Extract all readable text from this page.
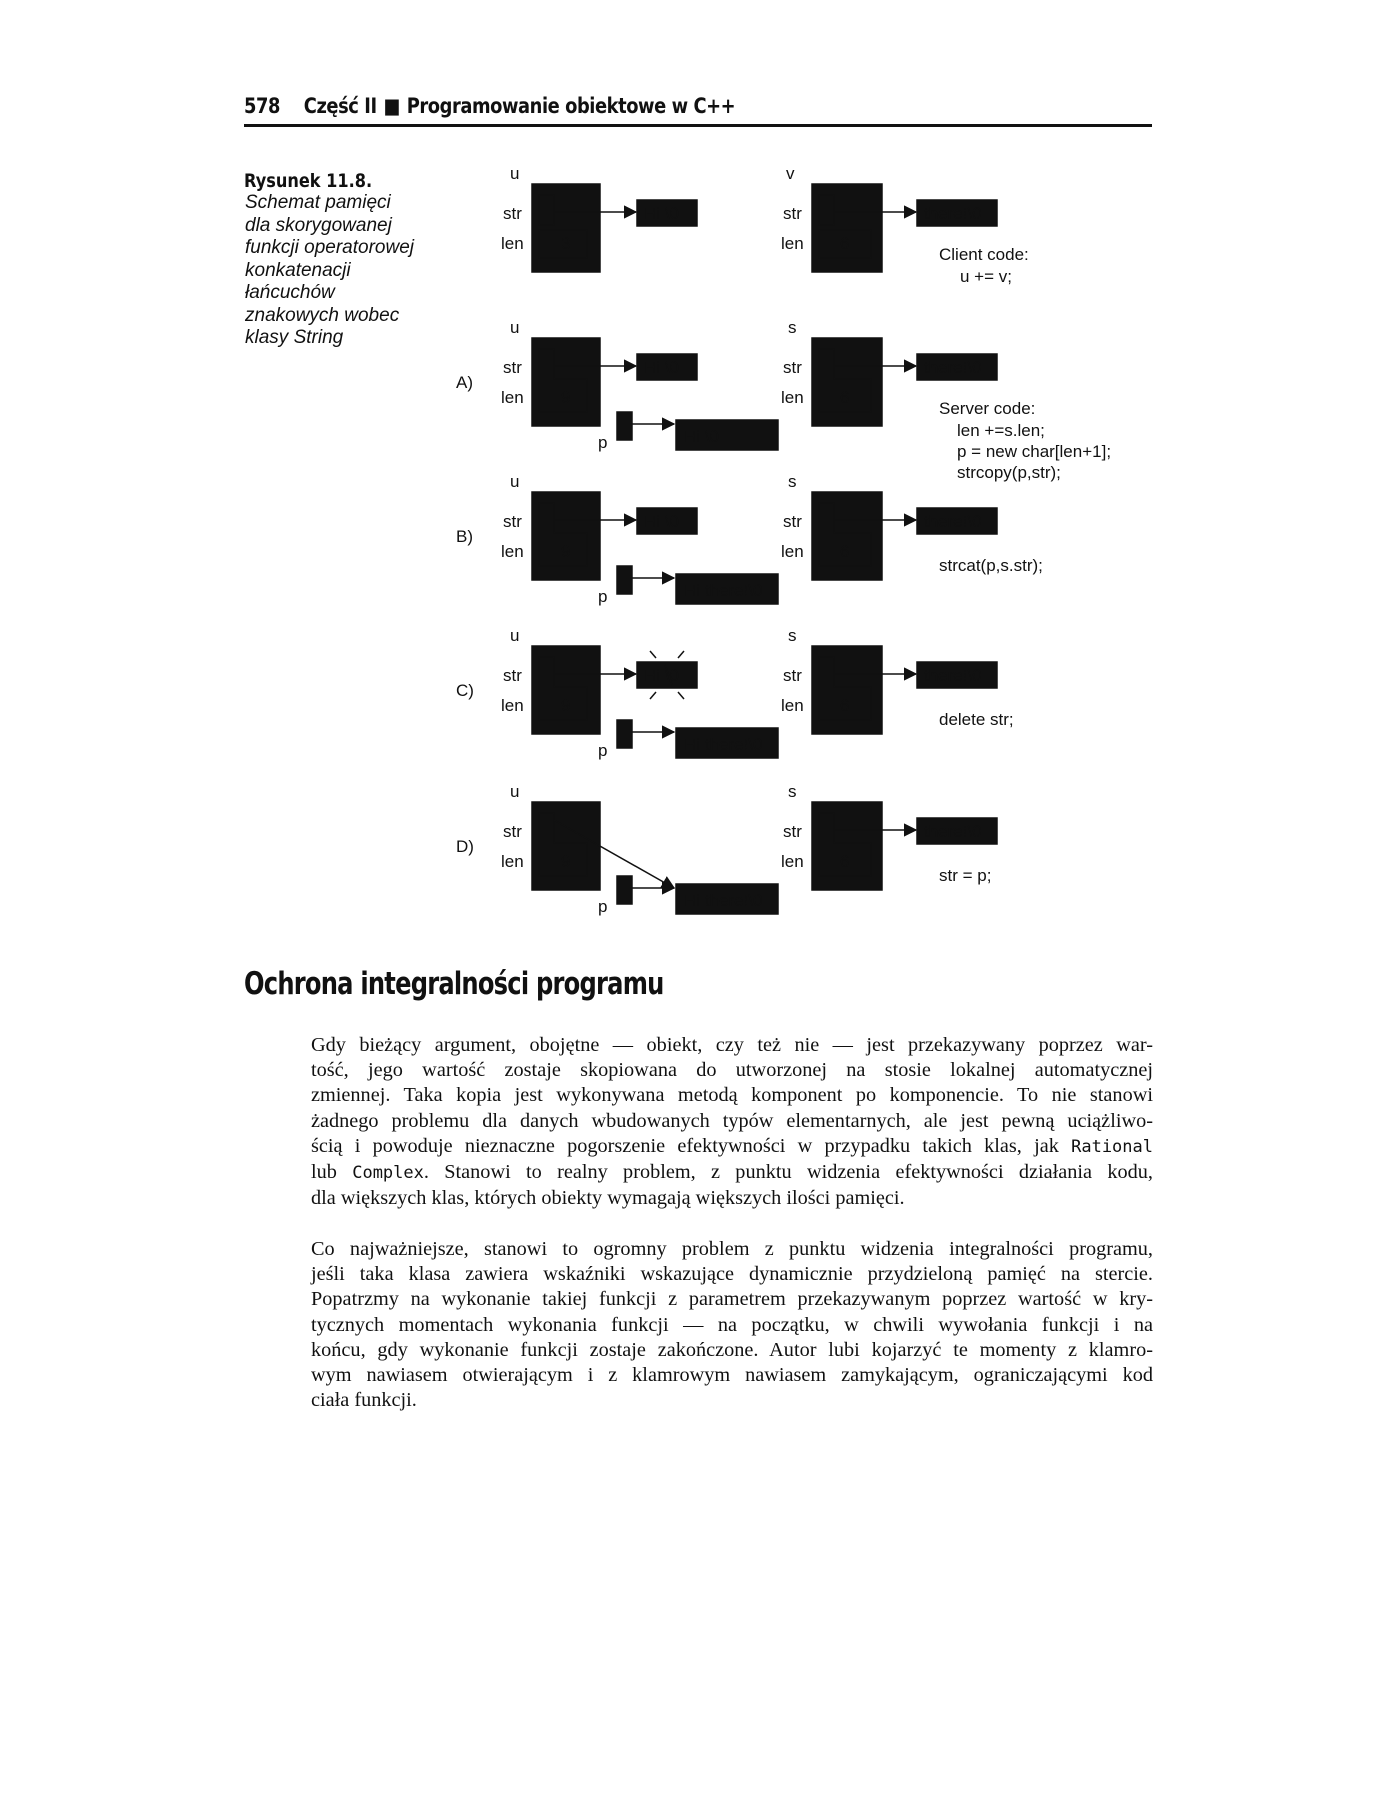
578 Część II ■ Programowanie obiektowe w C++
Rysunek 11.8.
Schemat pamięci
dla skorygowanej
funkcji operatorowej
konkatenacji
łańcuchów
znakowych wobec
klasy String
u
str
len 3
Hi \0
v
str
len 6
there!\0
Client code:
u += v;
A)
u
str
len 9
Hi \0
s
str
len 6
there!\0
p	Hi \0
Server code:
len +=s.len;
p = new char[len+1];
strcopy(p,str);
B)
u
str
len 9
Hi \0
s
str
len 6
there!\0
p	Hi there!\0
strcat(p,s.str);
C)
u
str
len 9
Hi \0
s
str
len 6
there!\0
p	Hi there!\0
delete str;
D)
u
str
len 9
s
str
len 6
there!\0
p	Hi there!\0
str = p;
Ochrona integralności programu
Gdy bieżący argument, obojętne — obiekt, czy też nie — jest przekazywany poprzez war-
tość, jego wartość zostaje skopiowana do utworzonej na stosie lokalnej automatycznej
zmiennej. Taka kopia jest wykonywana metodą komponent po komponencie. To nie stanowi
żadnego problemu dla danych wbudowanych typów elementarnych, ale jest pewną uciążliwo-
ścią i powoduje nieznaczne pogorszenie efektywności w przypadku takich klas, jak Rational
lub Complex. Stanowi to realny problem, z punktu widzenia efektywności działania kodu,
dla większych klas, których obiekty wymagają większych ilości pamięci.
Co najważniejsze, stanowi to ogromny problem z punktu widzenia integralności programu,
jeśli taka klasa zawiera wskaźniki wskazujące dynamicznie przydzieloną pamięć na stercie.
Popatrzmy na wykonanie takiej funkcji z parametrem przekazywanym poprzez wartość w kry-
tycznych momentach wykonania funkcji — na początku, w chwili wywołania funkcji i na
końcu, gdy wykonanie funkcji zostaje zakończone. Autor lubi kojarzyć te momenty z klamro-
wym nawiasem otwierającym i z klamrowym nawiasem zamykającym, ograniczającymi kod
ciała funkcji.
